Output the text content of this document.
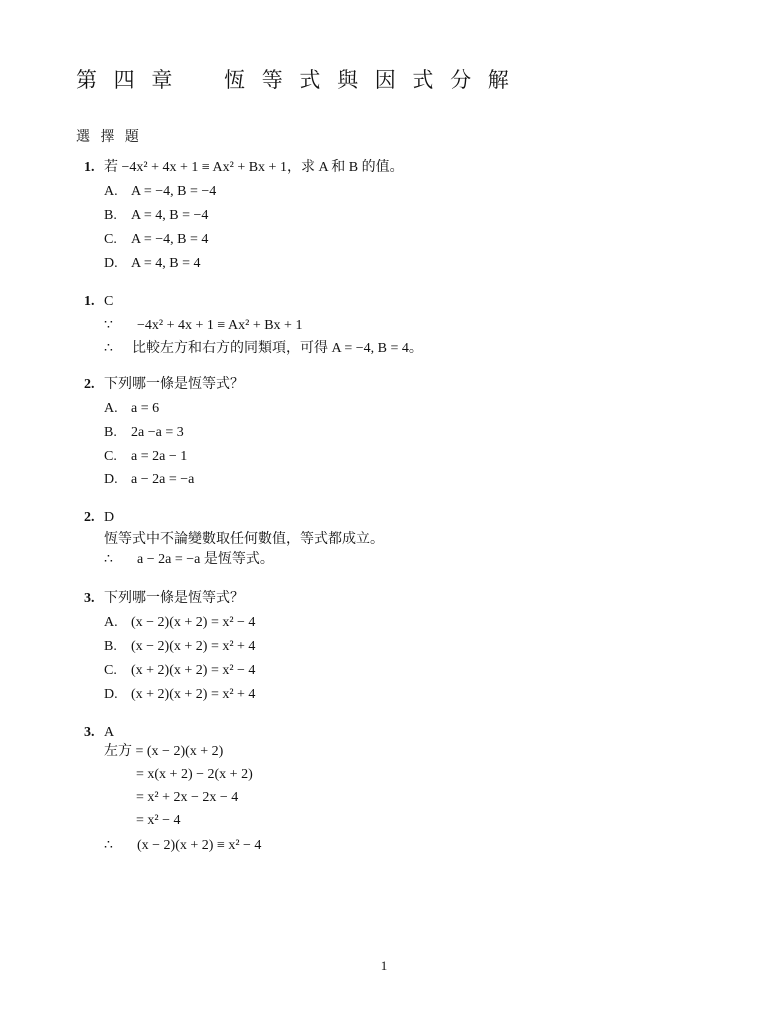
第 四 章    恆 等 式 與 因 式 分 解
選 擇 題
1. 若 −4x² + 4x + 1 ≡ Ax² + Bx + 1，求 A 和 B 的值。
A. A = −4, B = −4
B. A = 4, B = −4
C. A = −4, B = 4
D. A = 4, B = 4
1. C
∵ −4x² + 4x + 1 ≡ Ax² + Bx + 1
∴ 比較左方和右方的同類項，可得 A = −4, B = 4。
2. 下列哪一條是恆等式？
A. a = 6
B. 2a −a = 3
C. a = 2a − 1
D. a − 2a = −a
2. D
恆等式中不論變數取任何數值，等式都成立。
∴ a − 2a = −a 是恆等式。
3. 下列哪一條是恆等式？
A. (x − 2)(x + 2) = x² − 4
B. (x − 2)(x + 2) = x² + 4
C. (x + 2)(x + 2) = x² − 4
D. (x + 2)(x + 2) = x² + 4
3. A
左方 = (x − 2)(x + 2)
= x(x + 2) − 2(x + 2)
= x² + 2x − 2x − 4
= x² − 4
∴ (x − 2)(x + 2) ≡ x² − 4
1
